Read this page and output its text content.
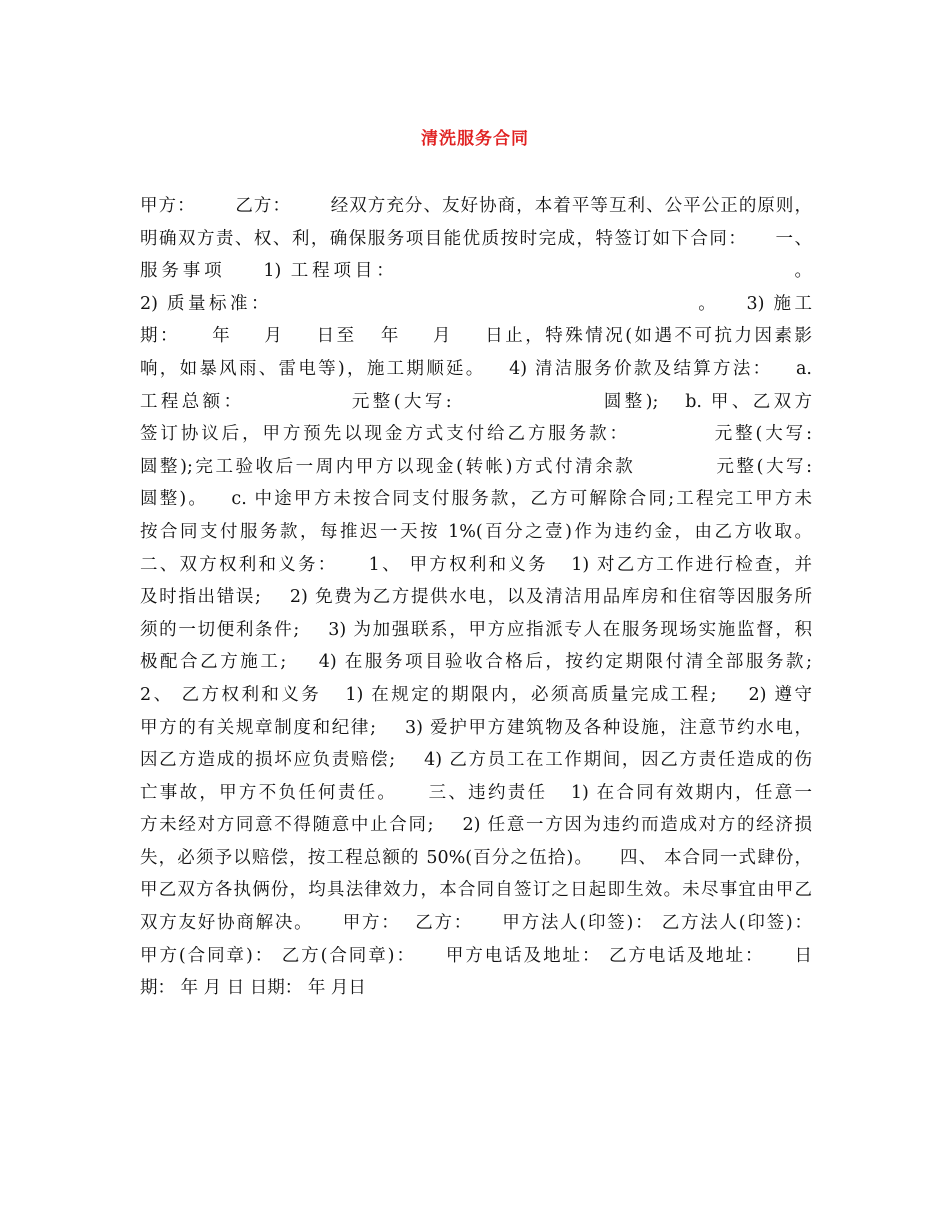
清洗服务合同
甲方：      乙方：      经双方充分、友好协商，本着平等互利、公平公正的原则，
明确双方责、权、利，确保服务项目能优质按时完成，特签订如下合同：    一、
服务事项    1) 工程项目：                                          。
2) 质量标准：                                               。   3) 施工
期：    年    月    日至   年    月    日止，特殊情况(如遇不可抗力因素影
响，如暴风雨、雷电等)，施工期顺延。   4) 清洁服务价款及结算方法：   a.
工程总额：            元整(大写:                 圆整);   b. 甲、乙双方
签订协议后，甲方预先以现金方式支付给乙方服务款：          元整(大写:
圆整);完工验收后一周内甲方以现金(转帐)方式付清余款          元整(大写:
圆整)。   c. 中途甲方未按合同支付服务款，乙方可解除合同;工程完工甲方未
按合同支付服务款，每推迟一天按 1%(百分之壹)作为违约金，由乙方收取。
二、双方权利和义务：    1、 甲方权利和义务   1) 对乙方工作进行检查，并
及时指出错误;    2) 免费为乙方提供水电，以及清洁用品库房和住宿等因服务所
须的一切便利条件;    3) 为加强联系，甲方应指派专人在服务现场实施监督，积
极配合乙方施工;    4) 在服务项目验收合格后，按约定期限付清全部服务款;
2、 乙方权利和义务   1) 在规定的期限内，必须高质量完成工程;    2) 遵守
甲方的有关规章制度和纪律;    3) 爱护甲方建筑物及各种设施，注意节约水电，
因乙方造成的损坏应负责赔偿;    4) 乙方员工在工作期间，因乙方责任造成的伤
亡事故，甲方不负任何责任。    三、违约责任   1) 在合同有效期内，任意一
方未经对方同意不得随意中止合同;    2) 任意一方因为违约而造成对方的经济损
失，必须予以赔偿，按工程总额的 50%(百分之伍拾)。    四、 本合同一式肆份，
甲乙双方各执俩份，均具法律效力，本合同自签订之日起即生效。未尽事宜由甲乙
双方友好协商解决。    甲方：  乙方：    甲方法人(印签)： 乙方法人(印签)：
甲方(合同章)： 乙方(合同章)：    甲方电话及地址： 乙方电话及地址：    日
期： 年 月 日 日期： 年 月日
